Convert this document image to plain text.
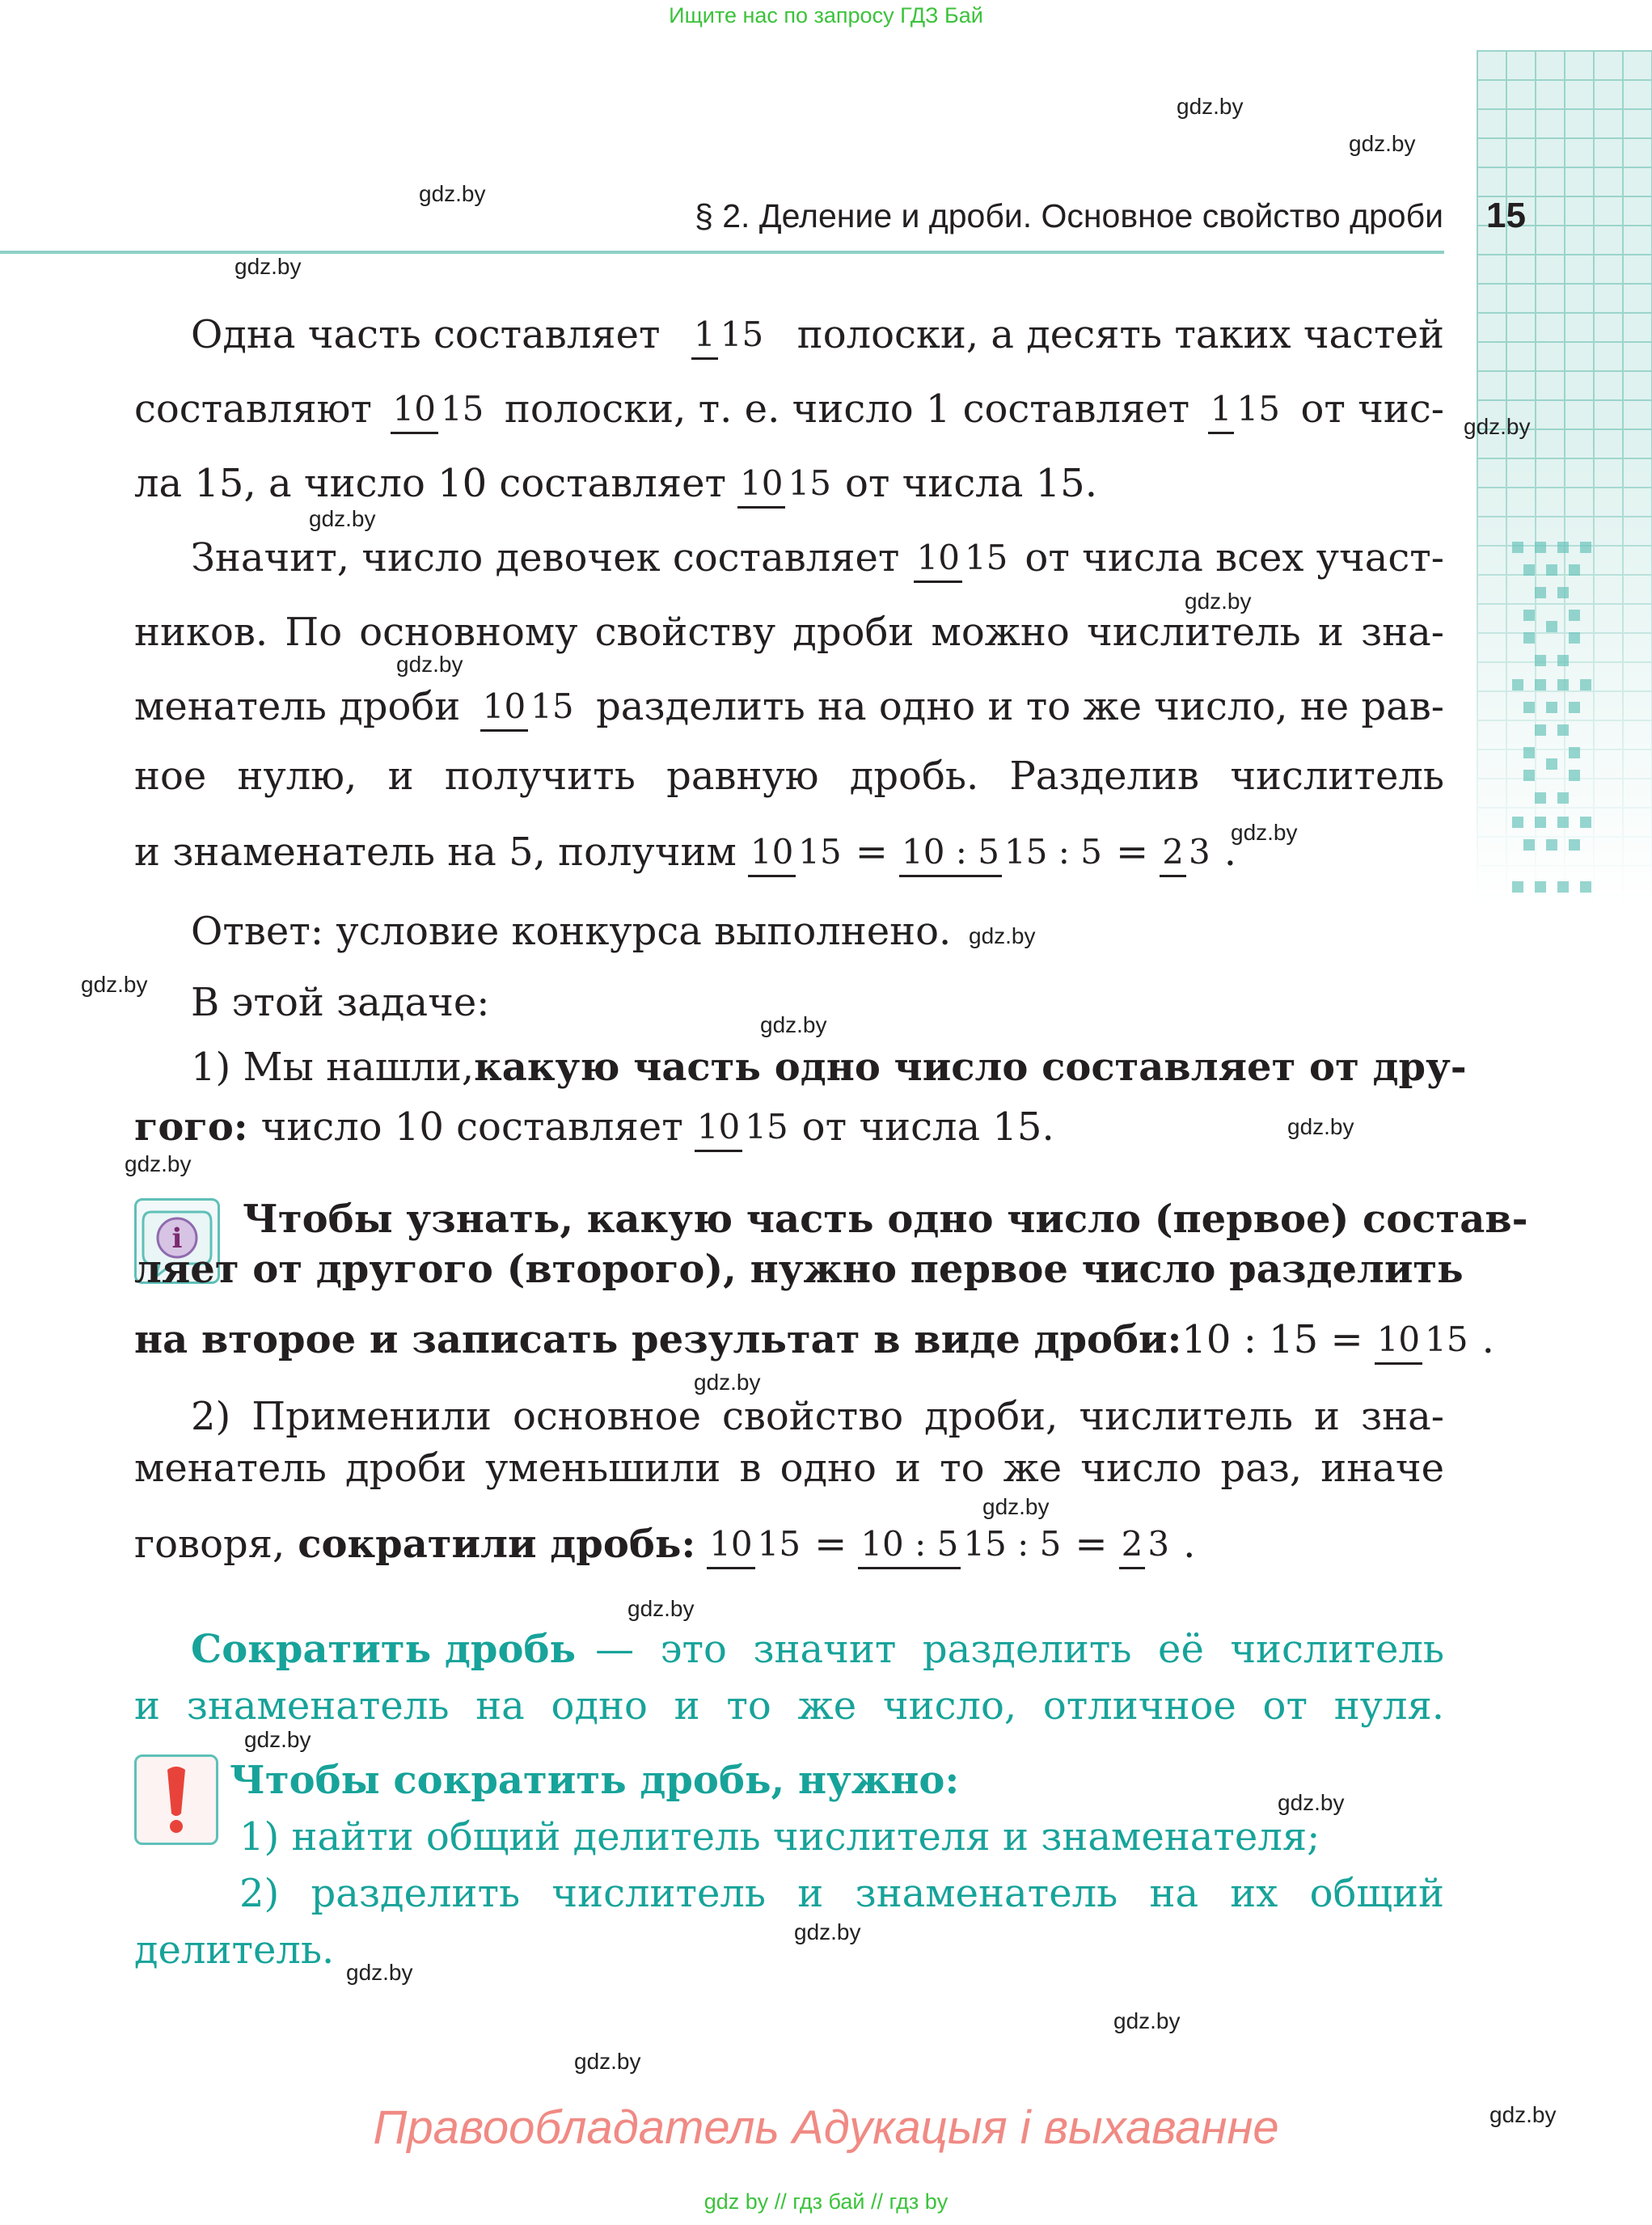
Ищите нас по запросу ГДЗ Бай
§ 2. Деление и дроби. Основное свойство дроби 15
Одна часть составляет 1 15 полоски, а десять таких частей
составляют 10 15 полоски, т. е. число 1 составляет 1 15 от чис-
ла 15, а число 10 составляет 10 15 от числа 15.
Значит, число девочек составляет 10 15 от числа всех участ-
ников. По основному свойству дроби можно числитель и зна-
менатель дроби 10 15 разделить на одно и то же число, не рав-
ное нулю, и получить равную дробь. Разделив числитель
и знаменатель на 5, получим 10 15 = 10 : 5 15 : 5 = 2 3 .
Ответ: условие конкурса выполнено.
В этой задаче:
1) Мы нашли, какую часть одно число составляет от дру-
гого: число 10 составляет 10 15 от числа 15.
i Чтобы узнать, какую часть одно число (первое) состав-
ляет от другого (второго), нужно первое число разделить
на второе и записать результат в виде дроби: 10 : 15 = 10 15 .
2) Применили основное свойство дроби, числитель и зна-
менатель дроби уменьшили в одно и то же число раз, иначе
говоря, сократили дробь: 10 15 = 10 : 5 15 : 5 = 2 3 .
Сократить дробь — это значит разделить её числитель
и знаменатель на одно и то же число, отличное от нуля.
Чтобы сократить дробь, нужно:
1) найти общий делитель числителя и знаменателя;
2) разделить числитель и знаменатель на их общий
делитель.
gdz.by
gdz.by
gdz.by
gdz.by
gdz.by
gdz.by
gdz.by
gdz.by
gdz.by
gdz.by
gdz.by
gdz.by
gdz.by
gdz.by
gdz.by
gdz.by
gdz.by
gdz.by
gdz.by
gdz.by
gdz.by
gdz.by
gdz.by
gdz.by
Правообладатель Адукацыя і выхаванне
gdz by // гдз бай // гдз by
